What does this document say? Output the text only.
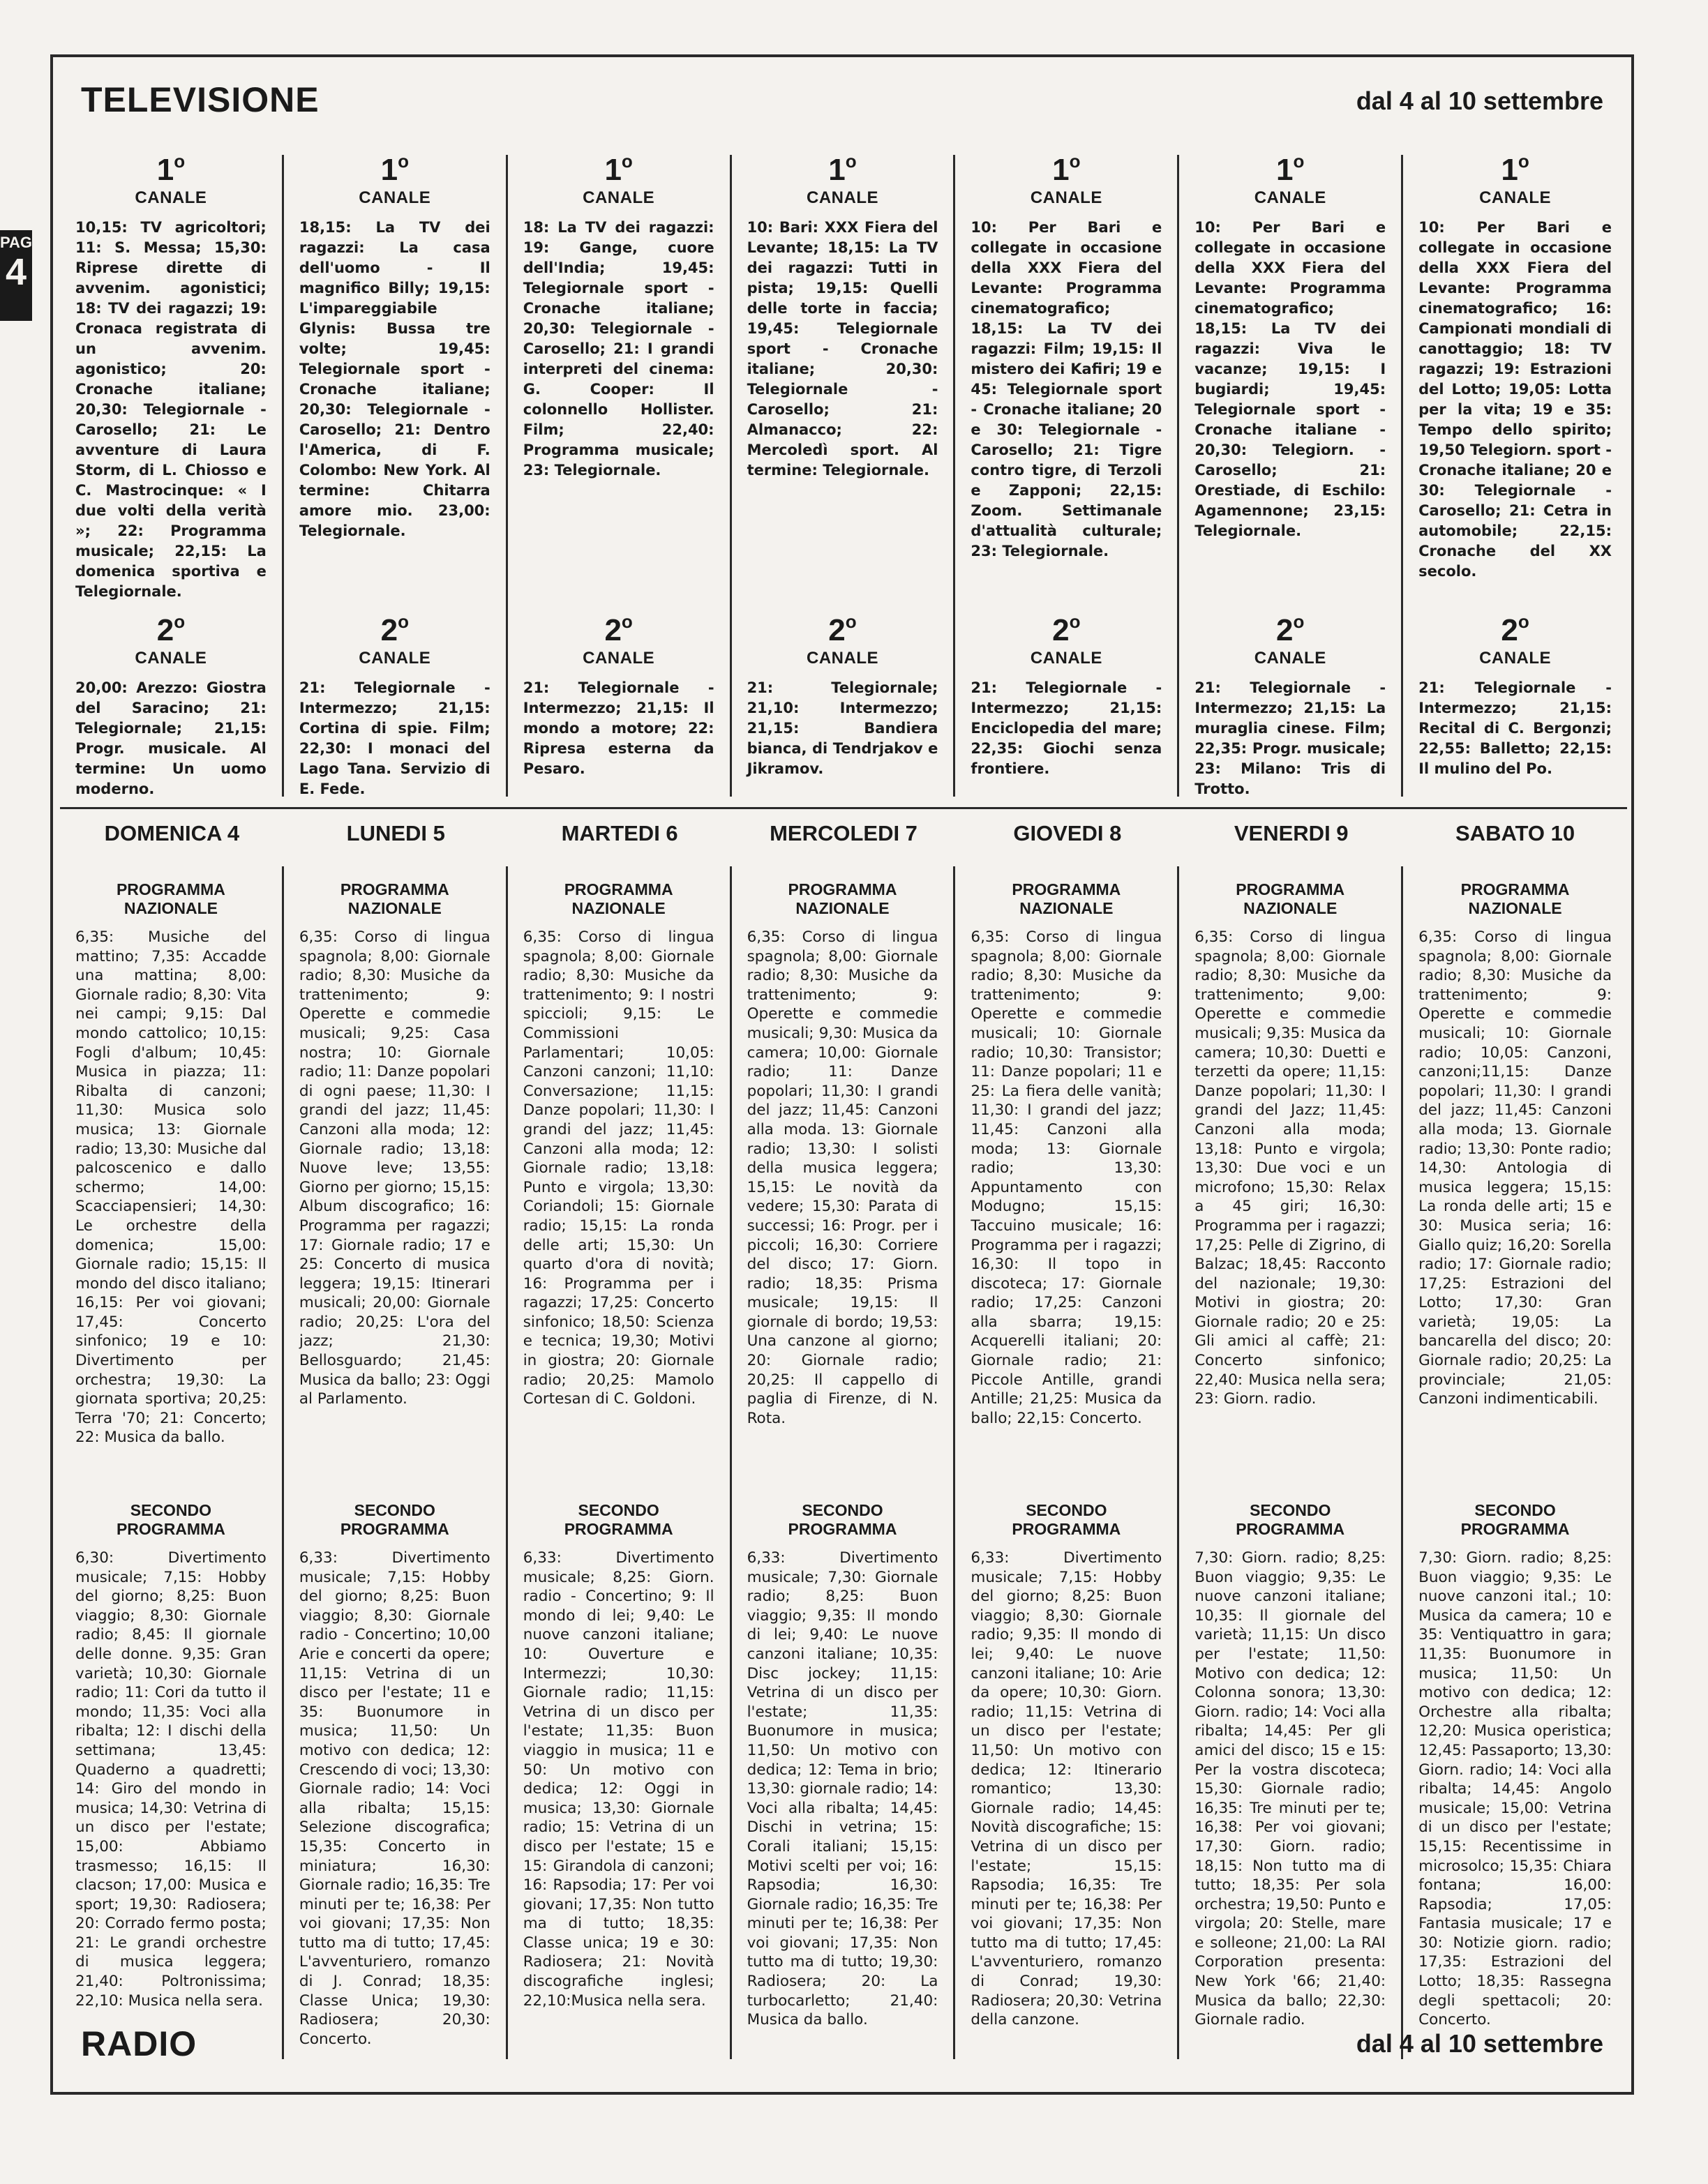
PAG.
4
TELEVISIONE	dal 4 al 10 settembre
1$^o$
CANALE

10,15: TV agricoltori; 11: S. Messa; 15,30: Riprese dirette di avvenim. agonistici; 18: TV dei ragazzi; 19: Cronaca registrata di un avvenim. agonistico; 20: Cronache italiane; 20,30: Telegiornale - Carosello; 21: Le avventure di Laura Storm, di L. Chiosso e C. Mastrocinque: « I due volti della verità »; 22: Programma musicale; 22,15: La domenica sportiva e Telegiornale.

2$^o$
CANALE

20,00: Arezzo: Giostra del Saracino; 21: Telegiornale; 21,15: Progr. musicale. Al termine: Un uomo moderno.

1$^o$
CANALE

18,15: La TV dei ragazzi: La casa dell'uomo - Il magnifico Billy; 19,15: L'impareggiabile Glynis: Bussa tre volte; 19,45: Telegiornale sport - Cronache italiane; 20,30: Telegiornale - Carosello; 21: Dentro l'America, di F. Colombo: New York. Al termine: Chitarra amore mio. 23,00: Telegiornale.

2$^o$
CANALE

21: Telegiornale - Intermezzo; 21,15: Cortina di spie. Film; 22,30: I monaci del Lago Tana. Servizio di E. Fede.

1$^o$
CANALE

18: La TV dei ragazzi: 19: Gange, cuore dell'India; 19,45: Telegiornale sport - Cronache italiane; 20,30: Telegiornale - Carosello; 21: I grandi interpreti del cinema: G. Cooper: Il colonnello Hollister. Film; 22,40: Programma musicale; 23: Telegiornale.

2$^o$
CANALE

21: Telegiornale - Intermezzo; 21,15: Il mondo a motore; 22: Ripresa esterna da Pesaro.

1$^o$
CANALE

10: Bari: XXX Fiera del Levante; 18,15: La TV dei ragazzi: Tutti in pista; 19,15: Quelli delle torte in faccia; 19,45: Telegiornale sport - Cronache italiane; 20,30: Telegiornale - Carosello; 21: Almanacco; 22: Mercoledì sport. Al termine: Telegiornale.

2$^o$
CANALE

21: Telegiornale; 21,10: Intermezzo; 21,15: Bandiera bianca, di Tendrjakov e Jikramov.

1$^o$
CANALE

10: Per Bari e collegate in occasione della XXX Fiera del Levante: Programma cinematografico; 18,15: La TV dei ragazzi: Film; 19,15: Il mistero dei Kafiri; 19 e 45: Telegiornale sport - Cronache italiane; 20 e 30: Telegiornale - Carosello; 21: Tigre contro tigre, di Terzoli e Zapponi; 22,15: Zoom. Settimanale d'attualità culturale; 23: Telegiornale.

2$^o$
CANALE

21: Telegiornale - Intermezzo; 21,15: Enciclopedia del mare; 22,35: Giochi senza frontiere.

1$^o$
CANALE

10: Per Bari e collegate in occasione della XXX Fiera del Levante: Programma cinematografico; 18,15: La TV dei ragazzi: Viva le vacanze; 19,15: I bugiardi; 19,45: Telegiornale sport - Cronache italiane - 20,30: Telegiorn. - Carosello; 21: Orestiade, di Eschilo: Agamennone; 23,15: Telegiornale.

2$^o$
CANALE

21: Telegiornale - Intermezzo; 21,15: La muraglia cinese. Film; 22,35: Progr. musicale; 23: Milano: Tris di Trotto.

1$^o$
CANALE

10: Per Bari e collegate in occasione della XXX Fiera del Levante: Programma cinematografico; 16: Campionati mondiali di canottaggio; 18: TV ragazzi; 19: Estrazioni del Lotto; 19,05: Lotta per la vita; 19 e 35: Tempo dello spirito; 19,50 Telegiorn. sport - Cronache italiane; 20 e 30: Telegiornale - Carosello; 21: Cetra in automobile; 22,15: Cronache del XX secolo.

2$^o$
CANALE

21: Telegiornale - Intermezzo; 21,15: Recital di C. Bergonzi; 22,55: Balletto; 22,15: Il mulino del Po.

DOMENICA 4	LUNEDI 5	MARTEDI 6	MERCOLEDI 7	GIOVEDI 8	VENERDI 9	SABATO 10
PROGRAMMA NAZIONALE

6,35: Musiche del mattino; 7,35: Accadde una mattina; 8,00: Giornale radio; 8,30: Vita nei campi; 9,15: Dal mondo cattolico; 10,15: Fogli d'album; 10,45: Musica in piazza; 11: Ribalta di canzoni; 11,30: Musica solo musica; 13: Giornale radio; 13,30: Musiche dal palcoscenico e dallo schermo; 14,00: Scacciapensieri; 14,30: Le orchestre della domenica; 15,00: Giornale radio; 15,15: Il mondo del disco italiano; 16,15: Per voi giovani; 17,45: Concerto sinfonico; 19 e 10: Divertimento per orchestra; 19,30: La giornata sportiva; 20,25: Terra '70; 21: Concerto; 22: Musica da ballo.

SECONDO PROGRAMMA

6,30: Divertimento musicale; 7,15: Hobby del giorno; 8,25: Buon viaggio; 8,30: Giornale radio; 8,45: Il giornale delle donne. 9,35: Gran varietà; 10,30: Giornale radio; 11: Cori da tutto il mondo; 11,35: Voci alla ribalta; 12: I dischi della settimana; 13,45: Quaderno a quadretti; 14: Giro del mondo in musica; 14,30: Vetrina di un disco per l'estate; 15,00: Abbiamo trasmesso; 16,15: Il clacson; 17,00: Musica e sport; 19,30: Radiosera; 20: Corrado fermo posta; 21: Le grandi orchestre di musica leggera; 21,40: Poltronissima; 22,10: Musica nella sera.

PROGRAMMA NAZIONALE

6,35: Corso di lingua spagnola; 8,00: Giornale radio; 8,30: Musiche da trattenimento; 9: Operette e commedie musicali; 9,25: Casa nostra; 10: Giornale radio; 11: Danze popolari di ogni paese; 11,30: I grandi del jazz; 11,45: Canzoni alla moda; 12: Giornale radio; 13,18: Nuove leve; 13,55: Giorno per giorno; 15,15: Album discografico; 16: Programma per ragazzi; 17: Giornale radio; 17 e 25: Concerto di musica leggera; 19,15: Itinerari musicali; 20,00: Giornale radio; 20,25: L'ora del jazz; 21,30: Bellosguardo; 21,45: Musica da ballo; 23: Oggi al Parlamento.

SECONDO PROGRAMMA

6,33: Divertimento musicale; 7,15: Hobby del giorno; 8,25: Buon viaggio; 8,30: Giornale radio - Concertino; 10,00 Arie e concerti da opere; 11,15: Vetrina di un disco per l'estate; 11 e 35: Buonumore in musica; 11,50: Un motivo con dedica; 12: Crescendo di voci; 13,30: Giornale radio; 14: Voci alla ribalta; 15,15: Selezione discografica; 15,35: Concerto in miniatura; 16,30: Giornale radio; 16,35: Tre minuti per te; 16,38: Per voi giovani; 17,35: Non tutto ma di tutto; 17,45: L'avventuriero, romanzo di J. Conrad; 18,35: Classe Unica; 19,30: Radiosera; 20,30: Concerto.

PROGRAMMA NAZIONALE

6,35: Corso di lingua spagnola; 8,00: Giornale radio; 8,30: Musiche da trattenimento; 9: I nostri spiccioli; 9,15: Le Commissioni Parlamentari; 10,05: Canzoni canzoni; 11,10: Conversazione; 11,15: Danze popolari; 11,30: I grandi del jazz; 11,45: Canzoni alla moda; 12: Giornale radio; 13,18: Punto e virgola; 13,30: Coriandoli; 15: Giornale radio; 15,15: La ronda delle arti; 15,30: Un quarto d'ora di novità; 16: Programma per i ragazzi; 17,25: Concerto sinfonico; 18,50: Scienza e tecnica; 19,30; Motivi in giostra; 20: Giornale radio; 20,25: Mamolo Cortesan di C. Goldoni.

SECONDO PROGRAMMA

6,33: Divertimento musicale; 8,25: Giorn. radio - Concertino; 9: Il mondo di lei; 9,40: Le nuove canzoni italiane; 10: Ouverture e Intermezzi; 10,30: Giornale radio; 11,15: Vetrina di un disco per l'estate; 11,35: Buon viaggio in musica; 11 e 50: Un motivo con dedica; 12: Oggi in musica; 13,30: Giornale radio; 15: Vetrina di un disco per l'estate; 15 e 15: Girandola di canzoni; 16: Rapsodia; 17: Per voi giovani; 17,35: Non tutto ma di tutto; 18,35: Classe unica; 19 e 30: Radiosera; 21: Novità discografiche inglesi; 22,10:Musica nella sera.

PROGRAMMA NAZIONALE

6,35: Corso di lingua spagnola; 8,00: Giornale radio; 8,30: Musiche da trattenimento; 9: Operette e commedie musicali; 9,30: Musica da camera; 10,00: Giornale radio; 11: Danze popolari; 11,30: I grandi del jazz; 11,45: Canzoni alla moda. 13: Giornale radio; 13,30: I solisti della musica leggera; 15,15: Le novità da vedere; 15,30: Parata di successi; 16: Progr. per i piccoli; 16,30: Corriere del disco; 17: Giorn. radio; 18,35: Prisma musicale; 19,15: Il giornale di bordo; 19,53: Una canzone al giorno; 20: Giornale radio; 20,25: Il cappello di paglia di Firenze, di N. Rota.

SECONDO PROGRAMMA

6,33: Divertimento musicale; 7,30: Giornale radio; 8,25: Buon viaggio; 9,35: Il mondo di lei; 9,40: Le nuove canzoni italiane; 10,35: Disc jockey; 11,15: Vetrina di un disco per l'estate; 11,35: Buonumore in musica; 11,50: Un motivo con dedica; 12: Tema in brio; 13,30: giornale radio; 14: Voci alla ribalta; 14,45: Dischi in vetrina; 15: Corali italiani; 15,15: Motivi scelti per voi; 16: Rapsodia; 16,30: Giornale radio; 16,35: Tre minuti per te; 16,38: Per voi giovani; 17,35: Non tutto ma di tutto; 19,30: Radiosera; 20: La turbocarletto; 21,40: Musica da ballo.

PROGRAMMA NAZIONALE

6,35: Corso di lingua spagnola; 8,00: Giornale radio; 8,30: Musiche da trattenimento; 9: Operette e commedie musicali; 10: Giornale radio; 10,30: Transistor; 11: Danze popolari; 11 e 25: La fiera delle vanità; 11,30: I grandi del jazz; 11,45: Canzoni alla moda; 13: Giornale radio; 13,30: Appuntamento con Modugno; 15,15: Taccuino musicale; 16: Programma per i ragazzi; 16,30: Il topo in discoteca; 17: Giornale radio; 17,25: Canzoni alla sbarra; 19,15: Acquerelli italiani; 20: Giornale radio; 21: Piccole Antille, grandi Antille; 21,25: Musica da ballo; 22,15: Concerto.

SECONDO PROGRAMMA

6,33: Divertimento musicale; 7,15: Hobby del giorno; 8,25: Buon viaggio; 8,30: Giornale radio; 9,35: Il mondo di lei; 9,40: Le nuove canzoni italiane; 10: Arie da opere; 10,30: Giorn. radio; 11,15: Vetrina di un disco per l'estate; 11,50: Un motivo con dedica; 12: Itinerario romantico; 13,30: Giornale radio; 14,45: Novità discografiche; 15: Vetrina di un disco per l'estate; 15,15: Rapsodia; 16,35: Tre minuti per te; 16,38: Per voi giovani; 17,35: Non tutto ma di tutto; 17,45: L'avventuriero, romanzo di Conrad; 19,30: Radiosera; 20,30: Vetrina della canzone.

PROGRAMMA NAZIONALE

6,35: Corso di lingua spagnola; 8,00: Giornale radio; 8,30: Musiche da trattenimento; 9,00: Operette e commedie musicali; 9,35: Musica da camera; 10,30: Duetti e terzetti da opere; 11,15: Danze popolari; 11,30: I grandi del Jazz; 11,45: Canzoni alla moda; 13,18: Punto e virgola; 13,30: Due voci e un microfono; 15,30: Relax a 45 giri; 16,30: Programma per i ragazzi; 17,25: Pelle di Zigrino, di Balzac; 18,45: Racconto del nazionale; 19,30: Motivi in giostra; 20: Giornale radio; 20 e 25: Gli amici al caffè; 21: Concerto sinfonico; 22,40: Musica nella sera; 23: Giorn. radio.

SECONDO PROGRAMMA

7,30: Giorn. radio; 8,25: Buon viaggio; 9,35: Le nuove canzoni italiane; 10,35: Il giornale del varietà; 11,15: Un disco per l'estate; 11,50: Motivo con dedica; 12: Colonna sonora; 13,30: Giorn. radio; 14: Voci alla ribalta; 14,45: Per gli amici del disco; 15 e 15: Per la vostra discoteca; 15,30: Giornale radio; 16,35: Tre minuti per te; 16,38: Per voi giovani; 17,30: Giorn. radio; 18,15: Non tutto ma di tutto; 18,35: Per sola orchestra; 19,50: Punto e virgola; 20: Stelle, mare e solleone; 21,00: La RAI Corporation presenta: New York '66; 21,40: Musica da ballo; 22,30: Giornale radio.

PROGRAMMA NAZIONALE

6,35: Corso di lingua spagnola; 8,00: Giornale radio; 8,30: Musiche da trattenimento; 9: Operette e commedie musicali; 10: Giornale radio; 10,05: Canzoni, canzoni;11,15: Danze popolari; 11,30: I grandi del jazz; 11,45: Canzoni alla moda; 13. Giornale radio; 13,30: Ponte radio; 14,30: Antologia di musica leggera; 15,15: La ronda delle arti; 15 e 30: Musica seria; 16: Giallo quiz; 16,20: Sorella radio; 17: Giornale radio; 17,25: Estrazioni del Lotto; 17,30: Gran varietà; 19,05: La bancarella del disco; 20: Giornale radio; 20,25: La provinciale; 21,05: Canzoni indimenticabili.

SECONDO PROGRAMMA

7,30: Giorn. radio; 8,25: Buon viaggio; 9,35: Le nuove canzoni ital.; 10: Musica da camera; 10 e 35: Ventiquattro in gara; 11,35: Buonumore in musica; 11,50: Un motivo con dedica; 12: Orchestre alla ribalta; 12,20: Musica operistica; 12,45: Passaporto; 13,30: Giorn. radio; 14: Voci alla ribalta; 14,45: Angolo musicale; 15,00: Vetrina di un disco per l'estate; 15,15: Recentissime in microsolco; 15,35: Chiara fontana; 16,00: Rapsodia; 17,05: Fantasia musicale; 17 e 30: Notizie giorn. radio; 17,35: Estrazioni del Lotto; 18,35: Rassegna degli spettacoli; 20: Concerto.

RADIO	dal 4 al 10 settembre
